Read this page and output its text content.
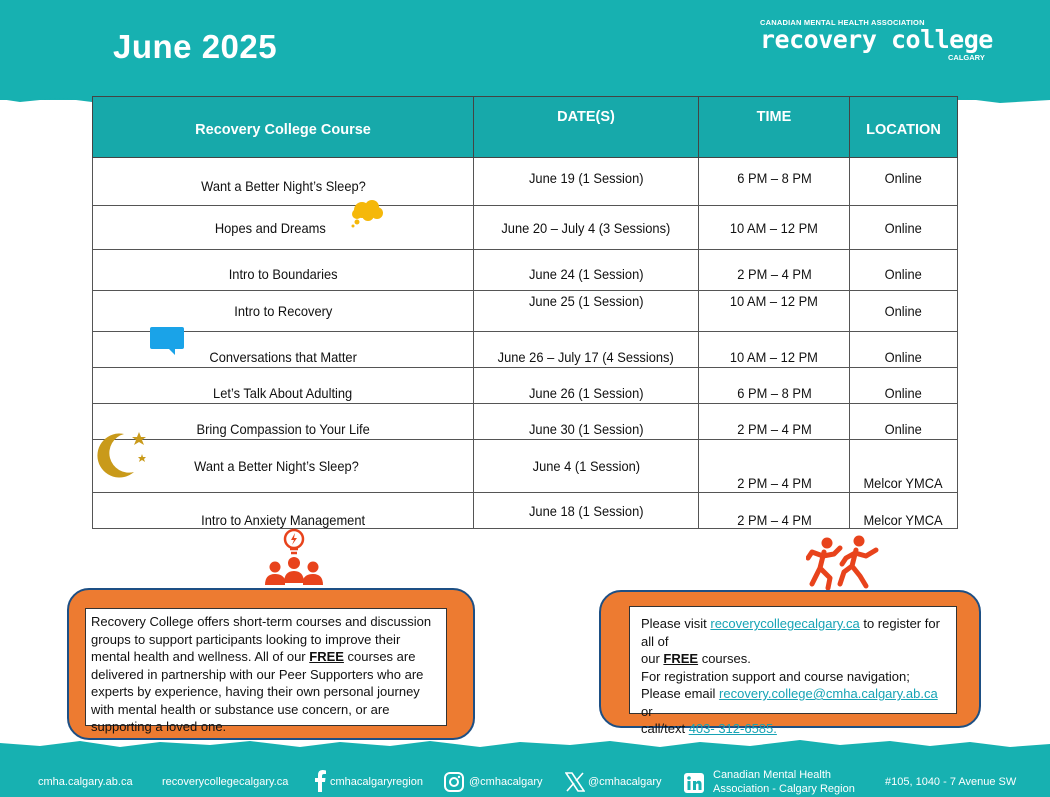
June 2025
CANADIAN MENTAL HEALTH ASSOCIATION
recovery college
CALGARY
Recovery College Course	DATE(S)	TIME	LOCATION
Want a Better Night’s Sleep?	June 19 (1 Session)	6 PM – 8 PM	Online
Hopes and Dreams	June 20 – July 4 (3 Sessions)	10 AM – 12 PM	Online
Intro to Boundaries	June 24 (1 Session)	2 PM – 4 PM	Online
Intro to Recovery	June 25 (1 Session)	10 AM – 12 PM	Online
Conversations that Matter	June 26 – July 17 (4 Sessions)	10 AM – 12 PM	Online
Let’s Talk About Adulting	June 26 (1 Session)	6 PM – 8 PM	Online
Bring Compassion to Your Life	June 30 (1 Session)	2 PM – 4 PM	Online
Want a Better Night’s Sleep?	June 4 (1 Session)	2 PM – 4 PM	Melcor YMCA
Intro to Anxiety Management	June 18 (1 Session)	2 PM – 4 PM	Melcor YMCA
Recovery College offers short-term courses and discussion groups to support participants looking to improve their mental health and wellness. All of our FREE courses are delivered in partnership with our Peer Supporters who are experts by experience, having their own personal journey with mental health or substance use concern, or are supporting a loved one.
Please visit recoverycollegecalgary.ca to register for all of
our FREE courses.
For registration support and course navigation;
Please email recovery.college@cmha.calgary.ab.ca or
call/text 403- 312-6585.
cmha.calgary.ab.ca	recoverycollegecalgary.ca	cmhacalgaryregion	@cmhacalgary	@cmhacalgary
Canadian Mental Health
Association - Calgary Region
#105, 1040 - 7 Avenue SW
